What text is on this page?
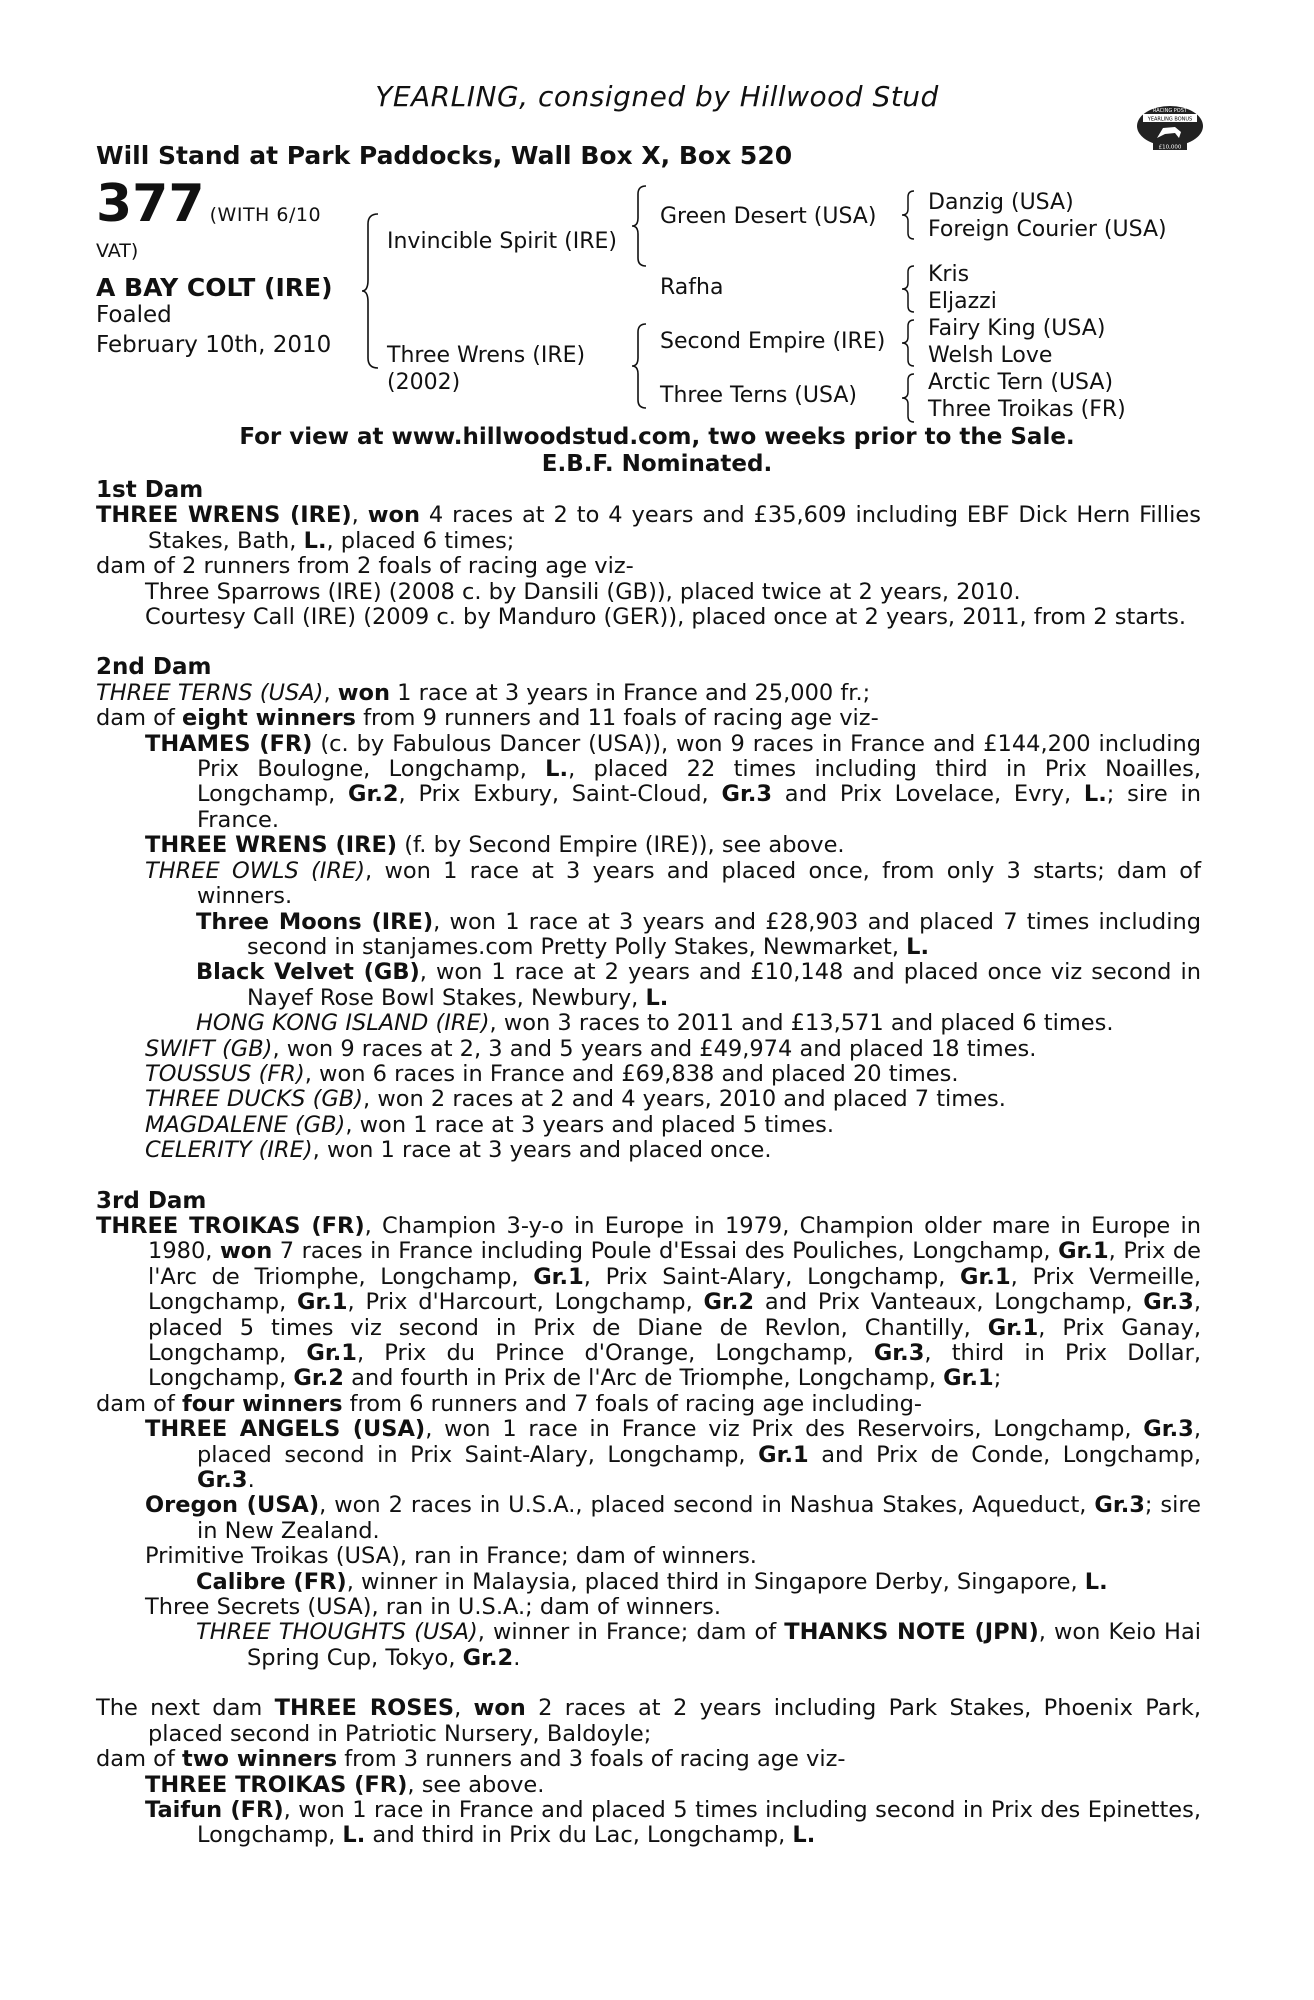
YEARLING, consigned by Hillwood Stud	RACING POST
YEARLING BONUS
£10,000
Will Stand at Park Paddocks, Wall Box X, Box 520
377 (WITH 6/10
VAT)
A BAY COLT (IRE)
Foaled
February 10th, 2010
Invincible Spirit (IRE)
Three Wrens (IRE)
(2002)
Green Desert (USA)
Rafha
Second Empire (IRE)
Three Terns (USA)
Danzig (USA)
Foreign Courier (USA)
Kris
Eljazzi
Fairy King (USA)
Welsh Love
Arctic Tern (USA)
Three Troikas (FR)
For view at www.hillwoodstud.com, two weeks prior to the Sale.
E.B.F. Nominated.
1st Dam

THREE WRENS (IRE), won 4 races at 2 to 4 years and £35,609 including EBF Dick Hern Fillies Stakes, Bath, L., placed 6 times;

dam of 2 runners from 2 foals of racing age viz-

Three Sparrows (IRE) (2008 c. by Dansili (GB)), placed twice at 2 years, 2010.

Courtesy Call (IRE) (2009 c. by Manduro (GER)), placed once at 2 years, 2011, from 2 starts.

2nd Dam

THREE TERNS (USA), won 1 race at 3 years in France and 25,000 fr.;

dam of eight winners from 9 runners and 11 foals of racing age viz-

THAMES (FR) (c. by Fabulous Dancer (USA)), won 9 races in France and £144,200 including Prix Boulogne, Longchamp, L., placed 22 times including third in Prix Noailles, Longchamp, Gr.2, Prix Exbury, Saint-Cloud, Gr.3 and Prix Lovelace, Evry, L.; sire in France.

THREE WRENS (IRE) (f. by Second Empire (IRE)), see above.

THREE OWLS (IRE), won 1 race at 3 years and placed once, from only 3 starts; dam of winners.

Three Moons (IRE), won 1 race at 3 years and £28,903 and placed 7 times including second in stanjames.com Pretty Polly Stakes, Newmarket, L.

Black Velvet (GB), won 1 race at 2 years and £10,148 and placed once viz second in Nayef Rose Bowl Stakes, Newbury, L.

HONG KONG ISLAND (IRE), won 3 races to 2011 and £13,571 and placed 6 times.

SWIFT (GB), won 9 races at 2, 3 and 5 years and £49,974 and placed 18 times.

TOUSSUS (FR), won 6 races in France and £69,838 and placed 20 times.

THREE DUCKS (GB), won 2 races at 2 and 4 years, 2010 and placed 7 times.

MAGDALENE (GB), won 1 race at 3 years and placed 5 times.

CELERITY (IRE), won 1 race at 3 years and placed once.

3rd Dam

THREE TROIKAS (FR), Champion 3-y-o in Europe in 1979, Champion older mare in Europe in 1980, won 7 races in France including Poule d'Essai des Pouliches, Longchamp, Gr.1, Prix de l'Arc de Triomphe, Longchamp, Gr.1, Prix Saint-Alary, Longchamp, Gr.1, Prix Vermeille, Longchamp, Gr.1, Prix d'Harcourt, Longchamp, Gr.2 and Prix Vanteaux, Longchamp, Gr.3, placed 5 times viz second in Prix de Diane de Revlon, Chantilly, Gr.1, Prix Ganay, Longchamp, Gr.1, Prix du Prince d'Orange, Longchamp, Gr.3, third in Prix Dollar, Longchamp, Gr.2 and fourth in Prix de l'Arc de Triomphe, Longchamp, Gr.1;

dam of four winners from 6 runners and 7 foals of racing age including-

THREE ANGELS (USA), won 1 race in France viz Prix des Reservoirs, Longchamp, Gr.3, placed second in Prix Saint-Alary, Longchamp, Gr.1 and Prix de Conde, Longchamp, Gr.3.

Oregon (USA), won 2 races in U.S.A., placed second in Nashua Stakes, Aqueduct, Gr.3; sire in New Zealand.

Primitive Troikas (USA), ran in France; dam of winners.

Calibre (FR), winner in Malaysia, placed third in Singapore Derby, Singapore, L.

Three Secrets (USA), ran in U.S.A.; dam of winners.

THREE THOUGHTS (USA), winner in France; dam of THANKS NOTE (JPN), won Keio Hai Spring Cup, Tokyo, Gr.2.

The next dam THREE ROSES, won 2 races at 2 years including Park Stakes, Phoenix Park, placed second in Patriotic Nursery, Baldoyle;

dam of two winners from 3 runners and 3 foals of racing age viz-

THREE TROIKAS (FR), see above.

Taifun (FR), won 1 race in France and placed 5 times including second in Prix des Epinettes, Longchamp, L. and third in Prix du Lac, Longchamp, L.
